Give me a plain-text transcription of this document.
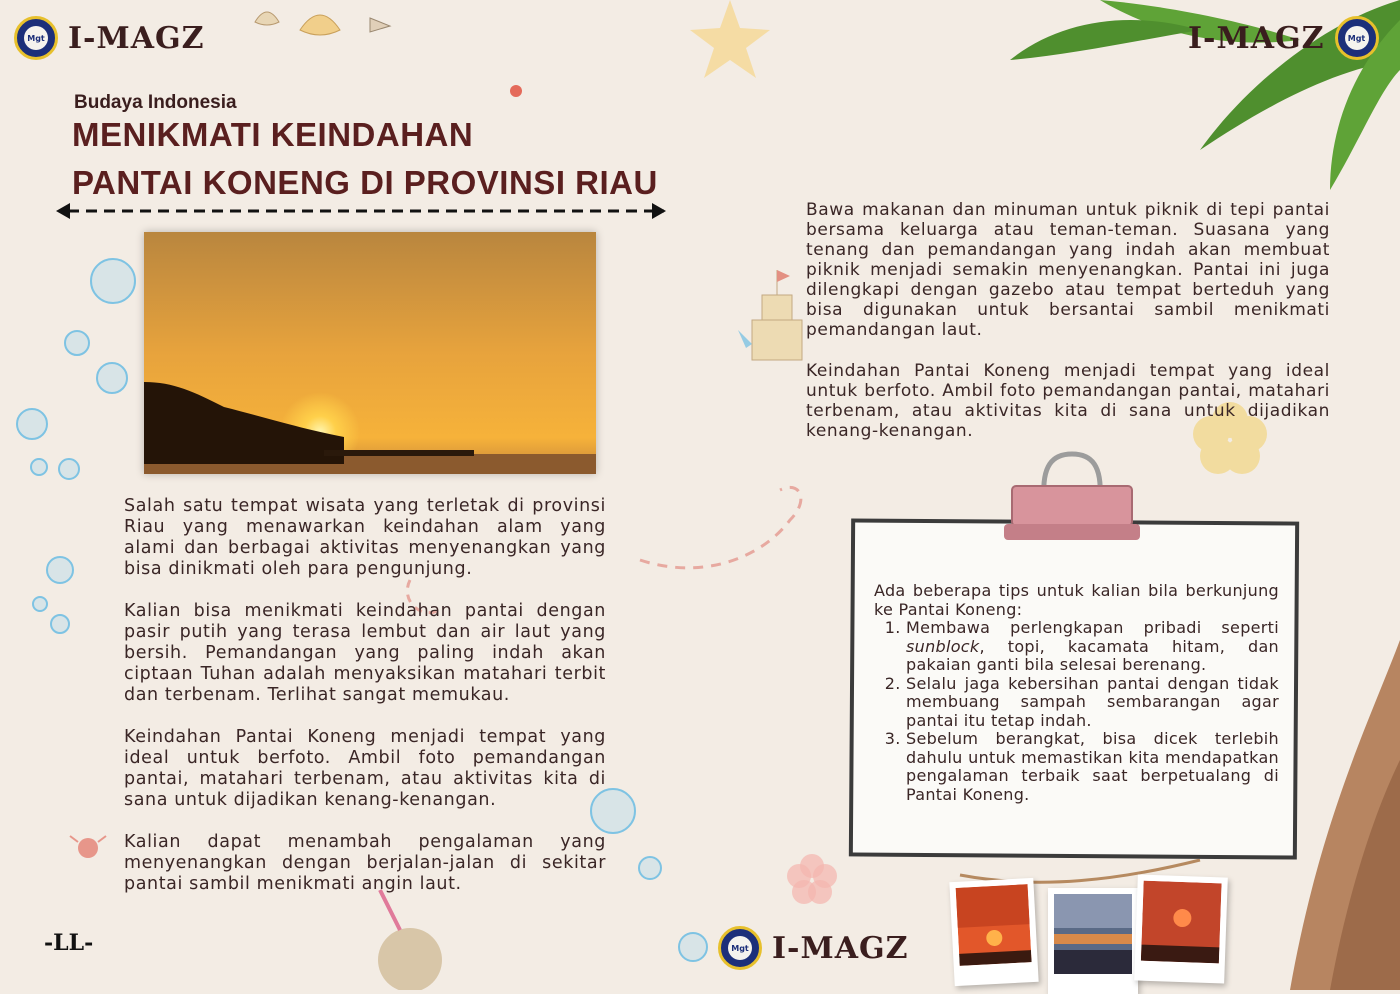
Mgt I-MAGZ	I-MAGZ	Mgt
Mgt I-MAGZ
Budaya Indonesia
MENIKMATI KEINDAHAN
PANTAI KONENG DI PROVINSI RIAU

Salah satu tempat wisata yang terletak di provinsi Riau yang menawarkan keindahan alam yang alami dan berbagai aktivitas menyenangkan yang bisa dinikmati oleh para pengunjung.

Kalian bisa menikmati keindahan pantai dengan pasir putih yang terasa lembut dan air laut yang bersih. Pemandangan yang paling indah akan ciptaan Tuhan adalah menyaksikan matahari terbit dan terbenam. Terlihat sangat memukau.

Keindahan Pantai Koneng menjadi tempat yang ideal untuk berfoto. Ambil foto pemandangan pantai, matahari terbenam, atau aktivitas kita di sana untuk dijadikan kenang-kenangan.

Kalian dapat menambah pengalaman yang menyenangkan dengan berjalan-jalan di sekitar pantai sambil menikmati angin laut.

-LL-

Bawa makanan dan minuman untuk piknik di tepi pantai bersama keluarga atau teman-teman. Suasana yang tenang dan pemandangan yang indah akan membuat piknik menjadi semakin menyenangkan. Pantai ini juga dilengkapi dengan gazebo atau tempat berteduh yang bisa digunakan untuk bersantai sambil menikmati pemandangan laut.

Keindahan Pantai Koneng menjadi tempat yang ideal untuk berfoto. Ambil foto pemandangan pantai, matahari terbenam, atau aktivitas kita di sana untuk dijadikan kenang-kenangan.

Ada beberapa tips untuk kalian bila berkunjung ke Pantai Koneng:

1. Membawa perlengkapan pribadi seperti sunblock, topi, kacamata hitam, dan pakaian ganti bila selesai berenang.
2. Selalu jaga kebersihan pantai dengan tidak membuang sampah sembarangan agar pantai itu tetap indah.
3. Sebelum berangkat, bisa dicek terlebih dahulu untuk memastikan kita mendapatkan pengalaman terbaik saat berpetualang di Pantai Koneng.
